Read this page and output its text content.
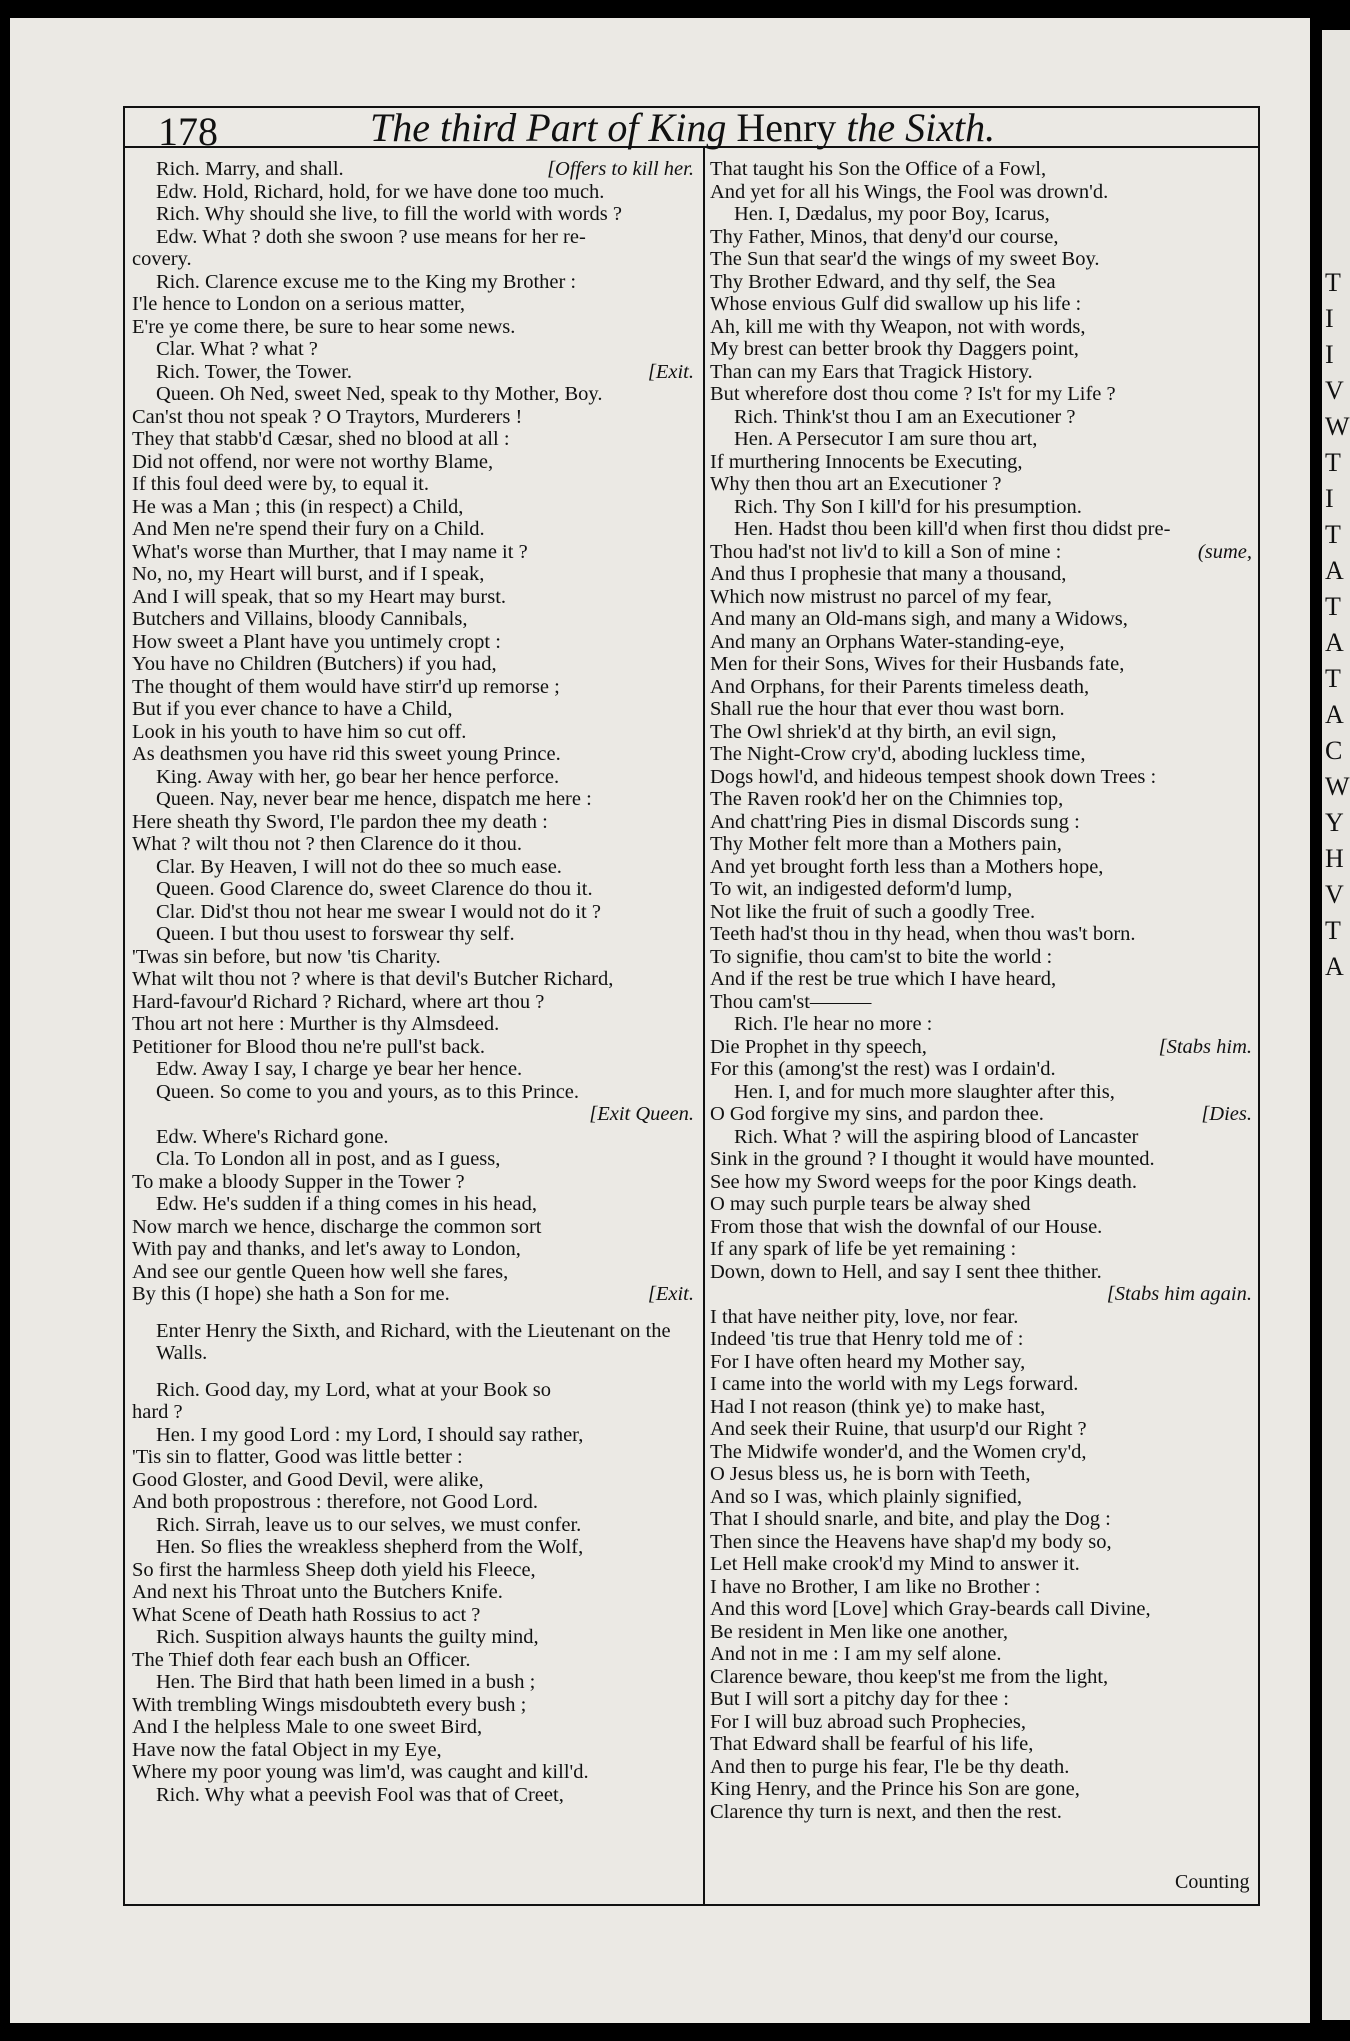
T
I
I
V
W
T
I
T
A
T
A
T
A
C
W
Y
H
V
T
A
178	The third Part of King Henry the Sixth.
Rich. Marry, and shall.	[Offers to kill her.
Edw. Hold, Richard, hold, for we have done too much.
Rich. Why should she live, to fill the world with words ?
Edw. What ? doth she swoon ? use means for her re-
covery.
Rich. Clarence excuse me to the King my Brother :
I'le hence to London on a serious matter,
E're ye come there, be sure to hear some news.
Clar. What ? what ?
Rich. Tower, the Tower.	[Exit.
Queen. Oh Ned, sweet Ned, speak to thy Mother, Boy.
Can'st thou not speak ? O Traytors, Murderers !
They that stabb'd Cæsar, shed no blood at all :
Did not offend, nor were not worthy Blame,
If this foul deed were by, to equal it.
He was a Man ; this (in respect) a Child,
And Men ne're spend their fury on a Child.
What's worse than Murther, that I may name it ?
No, no, my Heart will burst, and if I speak,
And I will speak, that so my Heart may burst.
Butchers and Villains, bloody Cannibals,
How sweet a Plant have you untimely cropt :
You have no Children (Butchers) if you had,
The thought of them would have stirr'd up remorse ;
But if you ever chance to have a Child,
Look in his youth to have him so cut off.
As deathsmen you have rid this sweet young Prince.
King. Away with her, go bear her hence perforce.
Queen. Nay, never bear me hence, dispatch me here :
Here sheath thy Sword, I'le pardon thee my death :
What ? wilt thou not ? then Clarence do it thou.
Clar. By Heaven, I will not do thee so much ease.
Queen. Good Clarence do, sweet Clarence do thou it.
Clar. Did'st thou not hear me swear I would not do it ?
Queen. I but thou usest to forswear thy self.
'Twas sin before, but now 'tis Charity.
What wilt thou not ? where is that devil's Butcher Richard,
Hard-favour'd Richard ? Richard, where art thou ?
Thou art not here : Murther is thy Almsdeed.
Petitioner for Blood thou ne're pull'st back.
Edw. Away I say, I charge ye bear her hence.
Queen. So come to you and yours, as to this Prince.
[Exit Queen.
Edw. Where's Richard gone.
Cla. To London all in post, and as I guess,
To make a bloody Supper in the Tower ?
Edw. He's sudden if a thing comes in his head,
Now march we hence, discharge the common sort
With pay and thanks, and let's away to London,
And see our gentle Queen how well she fares,
By this (I hope) she hath a Son for me.	[Exit.
Enter Henry the Sixth, and Richard, with the Lieutenant on the Walls.
Rich. Good day, my Lord, what at your Book so
hard ?
Hen. I my good Lord : my Lord, I should say rather,
'Tis sin to flatter, Good was little better :
Good Gloster, and Good Devil, were alike,
And both propostrous : therefore, not Good Lord.
Rich. Sirrah, leave us to our selves, we must confer.
Hen. So flies the wreakless shepherd from the Wolf,
So first the harmless Sheep doth yield his Fleece,
And next his Throat unto the Butchers Knife.
What Scene of Death hath Rossius to act ?
Rich. Suspition always haunts the guilty mind,
The Thief doth fear each bush an Officer.
Hen. The Bird that hath been limed in a bush ;
With trembling Wings misdoubteth every bush ;
And I the helpless Male to one sweet Bird,
Have now the fatal Object in my Eye,
Where my poor young was lim'd, was caught and kill'd.
Rich. Why what a peevish Fool was that of Creet,
That taught his Son the Office of a Fowl,
And yet for all his Wings, the Fool was drown'd.
Hen. I, Dædalus, my poor Boy, Icarus,
Thy Father, Minos, that deny'd our course,
The Sun that sear'd the wings of my sweet Boy.
Thy Brother Edward, and thy self, the Sea
Whose envious Gulf did swallow up his life :
Ah, kill me with thy Weapon, not with words,
My brest can better brook thy Daggers point,
Than can my Ears that Tragick History.
But wherefore dost thou come ? Is't for my Life ?
Rich. Think'st thou I am an Executioner ?
Hen. A Persecutor I am sure thou art,
If murthering Innocents be Executing,
Why then thou art an Executioner ?
Rich. Thy Son I kill'd for his presumption.
Hen. Hadst thou been kill'd when first thou didst pre-
Thou had'st not liv'd to kill a Son of mine :	(sume,
And thus I prophesie that many a thousand,
Which now mistrust no parcel of my fear,
And many an Old-mans sigh, and many a Widows,
And many an Orphans Water-standing-eye,
Men for their Sons, Wives for their Husbands fate,
And Orphans, for their Parents timeless death,
Shall rue the hour that ever thou wast born.
The Owl shriek'd at thy birth, an evil sign,
The Night-Crow cry'd, aboding luckless time,
Dogs howl'd, and hideous tempest shook down Trees :
The Raven rook'd her on the Chimnies top,
And chatt'ring Pies in dismal Discords sung :
Thy Mother felt more than a Mothers pain,
And yet brought forth less than a Mothers hope,
To wit, an indigested deform'd lump,
Not like the fruit of such a goodly Tree.
Teeth had'st thou in thy head, when thou was't born.
To signifie, thou cam'st to bite the world :
And if the rest be true which I have heard,
Thou cam'st———
Rich. I'le hear no more :
Die Prophet in thy speech,	[Stabs him.
For this (among'st the rest) was I ordain'd.
Hen. I, and for much more slaughter after this,
O God forgive my sins, and pardon thee.	[Dies.
Rich. What ? will the aspiring blood of Lancaster
Sink in the ground ? I thought it would have mounted.
See how my Sword weeps for the poor Kings death.
O may such purple tears be alway shed
From those that wish the downfal of our House.
If any spark of life be yet remaining :
Down, down to Hell, and say I sent thee thither.
[Stabs him again.
I that have neither pity, love, nor fear.
Indeed 'tis true that Henry told me of :
For I have often heard my Mother say,
I came into the world with my Legs forward.
Had I not reason (think ye) to make hast,
And seek their Ruine, that usurp'd our Right ?
The Midwife wonder'd, and the Women cry'd,
O Jesus bless us, he is born with Teeth,
And so I was, which plainly signified,
That I should snarle, and bite, and play the Dog :
Then since the Heavens have shap'd my body so,
Let Hell make crook'd my Mind to answer it.
I have no Brother, I am like no Brother :
And this word [Love] which Gray-beards call Divine,
Be resident in Men like one another,
And not in me : I am my self alone.
Clarence beware, thou keep'st me from the light,
But I will sort a pitchy day for thee :
For I will buz abroad such Prophecies,
That Edward shall be fearful of his life,
And then to purge his fear, I'le be thy death.
King Henry, and the Prince his Son are gone,
Clarence thy turn is next, and then the rest.
Counting
